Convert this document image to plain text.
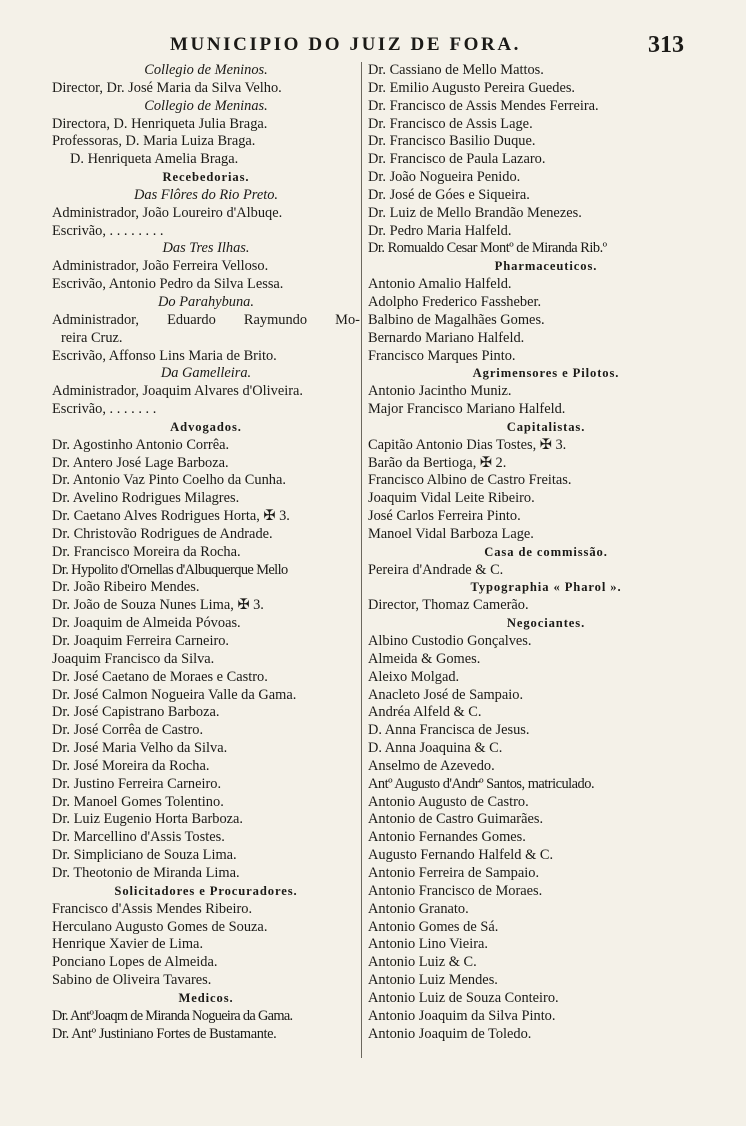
MUNICIPIO DO JUIZ DE FORA.	313
Collegio de Meninos.
Director, Dr. José Maria da Silva Velho.
Collegio de Meninas.
Directora, D. Henriqueta Julia Braga.
Professoras, D. Maria Luiza Braga.
D. Henriqueta Amelia Braga.
Recebedorias.
Das Flôres do Rio Preto.
Administrador, João Loureiro d'Albuqe.
Escrivão, . . . . . . . .
Das Tres Ilhas.
Administrador, João Ferreira Velloso.
Escrivão, Antonio Pedro da Silva Lessa.
Do Parahybuna.
Administrador, Eduardo Raymundo Mo-
reira Cruz.
Escrivão, Affonso Lins Maria de Brito.
Da Gamelleira.
Administrador, Joaquim Alvares d'Oliveira.
Escrivão, . . . . . . .
Advogados.
Dr. Agostinho Antonio Corrêa.
Dr. Antero José Lage Barboza.
Dr. Antonio Vaz Pinto Coelho da Cunha.
Dr. Avelino Rodrigues Milagres.
Dr. Caetano Alves Rodrigues Horta, ✠ 3.
Dr. Christovão Rodrigues de Andrade.
Dr. Francisco Moreira da Rocha.
Dr. Hypolito d'Ornellas d'Albuquerque Mello
Dr. João Ribeiro Mendes.
Dr. João de Souza Nunes Lima, ✠ 3.
Dr. Joaquim de Almeida Póvoas.
Dr. Joaquim Ferreira Carneiro.
Joaquim Francisco da Silva.
Dr. José Caetano de Moraes e Castro.
Dr. José Calmon Nogueira Valle da Gama.
Dr. José Capistrano Barboza.
Dr. José Corrêa de Castro.
Dr. José Maria Velho da Silva.
Dr. José Moreira da Rocha.
Dr. Justino Ferreira Carneiro.
Dr. Manoel Gomes Tolentino.
Dr. Luiz Eugenio Horta Barboza.
Dr. Marcellino d'Assis Tostes.
Dr. Simpliciano de Souza Lima.
Dr. Theotonio de Miranda Lima.
Solicitadores e Procuradores.
Francisco d'Assis Mendes Ribeiro.
Herculano Augusto Gomes de Souza.
Henrique Xavier de Lima.
Ponciano Lopes de Almeida.
Sabino de Oliveira Tavares.
Medicos.
Dr. AntºJoaqm de Miranda Nogueira da Gama.
Dr. Antº Justiniano Fortes de Bustamante.
Dr. Cassiano de Mello Mattos.
Dr. Emilio Augusto Pereira Guedes.
Dr. Francisco de Assis Mendes Ferreira.
Dr. Francisco de Assis Lage.
Dr. Francisco Basilio Duque.
Dr. Francisco de Paula Lazaro.
Dr. João Nogueira Penido.
Dr. José de Góes e Siqueira.
Dr. Luiz de Mello Brandão Menezes.
Dr. Pedro Maria Halfeld.
Dr. Romualdo Cesar Montº de Miranda Rib.º
Pharmaceuticos.
Antonio Amalio Halfeld.
Adolpho Frederico Fassheber.
Balbino de Magalhães Gomes.
Bernardo Mariano Halfeld.
Francisco Marques Pinto.
Agrimensores e Pilotos.
Antonio Jacintho Muniz.
Major Francisco Mariano Halfeld.
Capitalistas.
Capitão Antonio Dias Tostes, ✠ 3.
Barão da Bertioga, ✠ 2.
Francisco Albino de Castro Freitas.
Joaquim Vidal Leite Ribeiro.
José Carlos Ferreira Pinto.
Manoel Vidal Barboza Lage.
Casa de commissão.
Pereira d'Andrade & C.
Typographia « Pharol ».
Director, Thomaz Camerão.
Negociantes.
Albino Custodio Gonçalves.
Almeida & Gomes.
Aleixo Molgad.
Anacleto José de Sampaio.
Andréa Alfeld & C.
D. Anna Francisca de Jesus.
D. Anna Joaquina & C.
Anselmo de Azevedo.
Antº Augusto d'Andrº Santos, matriculado.
Antonio Augusto de Castro.
Antonio de Castro Guimarães.
Antonio Fernandes Gomes.
Augusto Fernando Halfeld & C.
Antonio Ferreira de Sampaio.
Antonio Francisco de Moraes.
Antonio Granato.
Antonio Gomes de Sá.
Antonio Lino Vieira.
Antonio Luiz & C.
Antonio Luiz Mendes.
Antonio Luiz de Souza Conteiro.
Antonio Joaquim da Silva Pinto.
Antonio Joaquim de Toledo.
